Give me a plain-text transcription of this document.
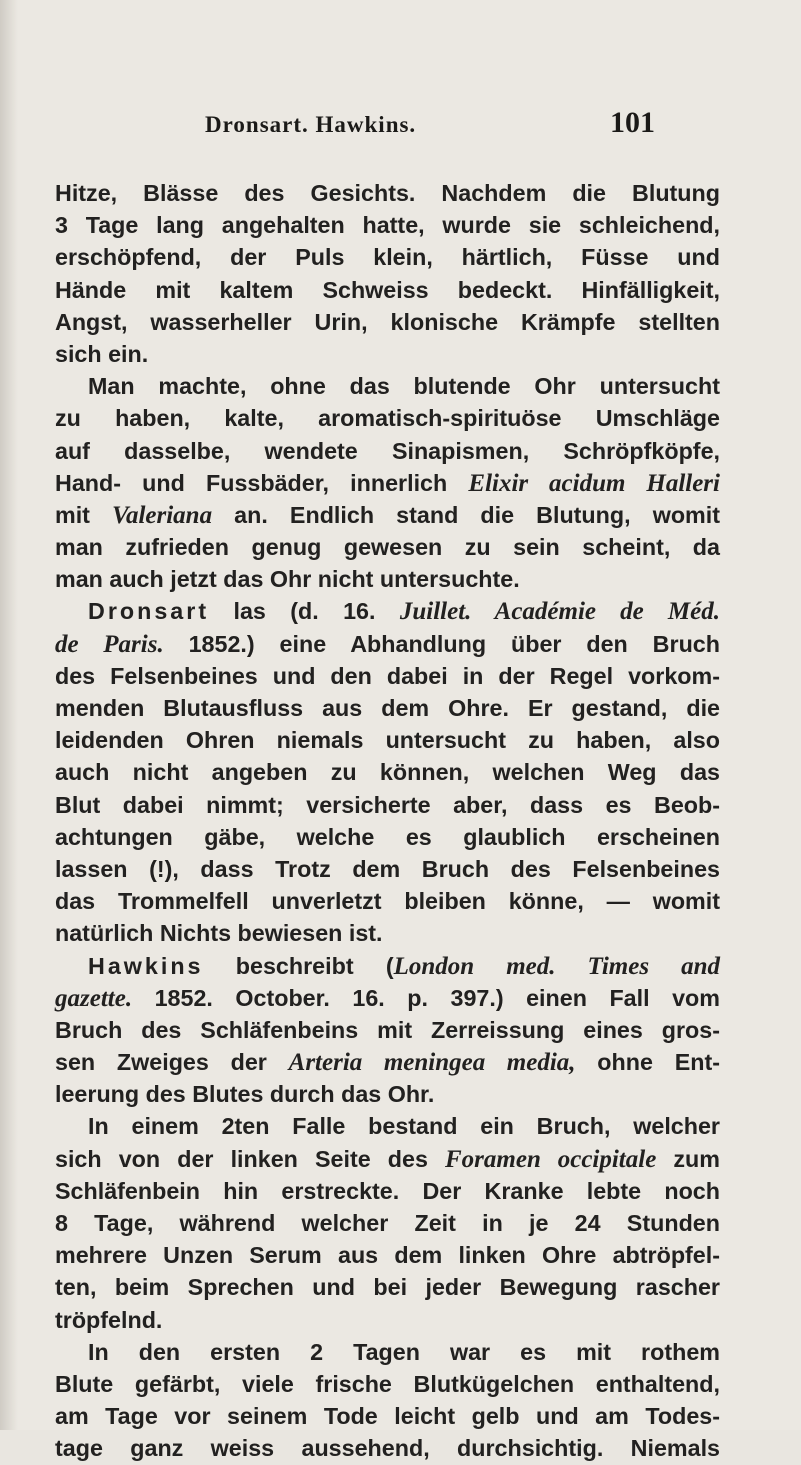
Dronsart. Hawkins.	101
Hitze, Blässe des Gesichts. Nachdem die Blutung
3 Tage lang angehalten hatte, wurde sie schleichend,
erschöpfend, der Puls klein, härtlich, Füsse und
Hände mit kaltem Schweiss bedeckt. Hinfälligkeit,
Angst, wasserheller Urin, klonische Krämpfe stellten
sich ein.
Man machte, ohne das blutende Ohr untersucht
zu haben, kalte, aromatisch-spirituöse Umschläge
auf dasselbe, wendete Sinapismen, Schröpfköpfe,
Hand- und Fussbäder, innerlich Elixir acidum Halleri
mit Valeriana an. Endlich stand die Blutung, womit
man zufrieden genug gewesen zu sein scheint, da
man auch jetzt das Ohr nicht untersuchte.
Dronsart las (d. 16. Juillet. Académie de Méd.
de Paris. 1852.) eine Abhandlung über den Bruch
des Felsenbeines und den dabei in der Regel vorkom-
menden Blutausfluss aus dem Ohre. Er gestand, die
leidenden Ohren niemals untersucht zu haben, also
auch nicht angeben zu können, welchen Weg das
Blut dabei nimmt; versicherte aber, dass es Beob-
achtungen gäbe, welche es glaublich erscheinen
lassen (!), dass Trotz dem Bruch des Felsenbeines
das Trommelfell unverletzt bleiben könne, — womit
natürlich Nichts bewiesen ist.
Hawkins beschreibt (London med. Times and
gazette. 1852. October. 16. p. 397.) einen Fall vom
Bruch des Schläfenbeins mit Zerreissung eines gros-
sen Zweiges der Arteria meningea media, ohne Ent-
leerung des Blutes durch das Ohr.
In einem 2ten Falle bestand ein Bruch, welcher
sich von der linken Seite des Foramen occipitale zum
Schläfenbein hin erstreckte. Der Kranke lebte noch
8 Tage, während welcher Zeit in je 24 Stunden
mehrere Unzen Serum aus dem linken Ohre abtröpfel-
ten, beim Sprechen und bei jeder Bewegung rascher
tröpfelnd.
In den ersten 2 Tagen war es mit rothem
Blute gefärbt, viele frische Blutkügelchen enthaltend,
am Tage vor seinem Tode leicht gelb und am Todes-
tage ganz weiss aussehend, durchsichtig. Niemals
